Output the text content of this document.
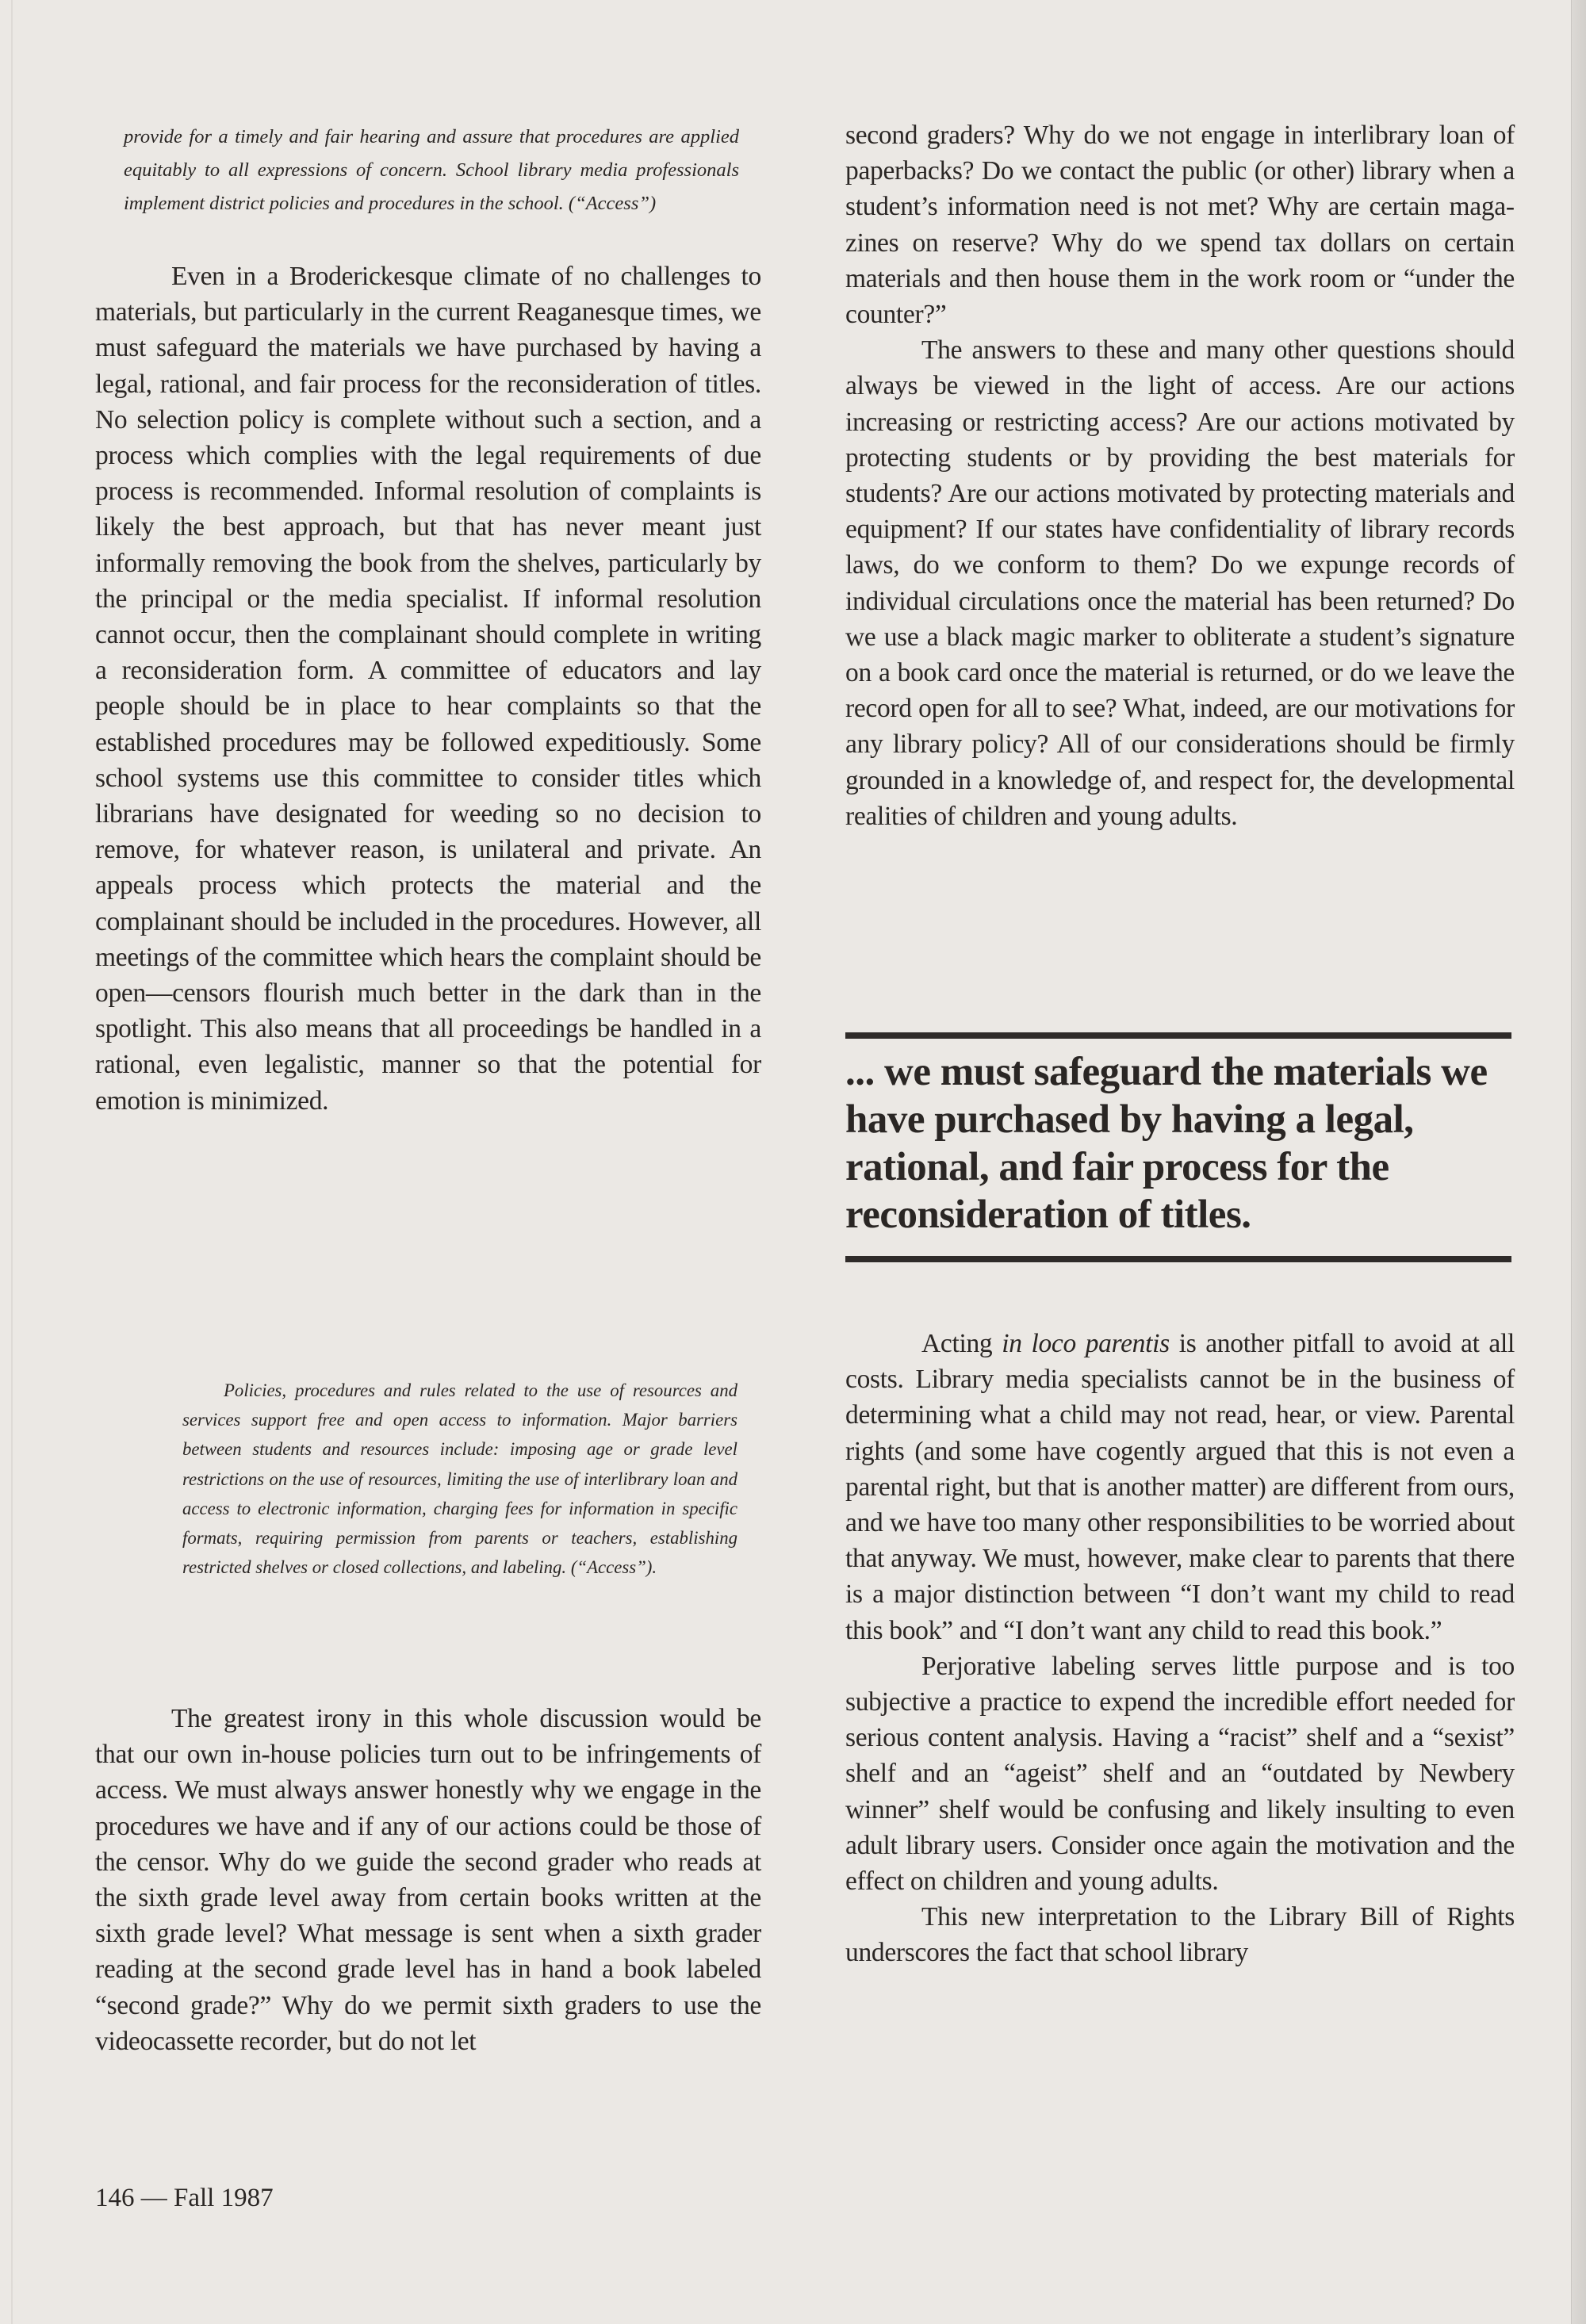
provide for a timely and fair hearing and assure that procedures are applied equitably to all expressions of concern. School library media professionals implement district policies and procedures in the school. (“Access”)

Even in a Broderickesque climate of no challenges to materials, but particularly in the current Reaganesque times, we must safeguard the materials we have purchased by having a legal, rational, and fair process for the reconsideration of titles. No selection policy is complete without such a section, and a process which complies with the legal requirements of due process is recommended. Informal resolution of complaints is likely the best approach, but that has never meant just informally removing the book from the shelves, particularly by the principal or the media specialist. If informal resolution cannot occur, then the complainant should complete in writing a reconsideration form. A committee of educators and lay people should be in place to hear complaints so that the established procedures may be followed expeditiously. Some school systems use this committee to consider titles which librarians have designated for weeding so no decision to remove, for whatever reason, is unilateral and private. An appeals process which protects the material and the complainant should be included in the procedures. However, all meetings of the committee which hears the complaint should be open—censors flourish much better in the dark than in the spotlight. This also means that all proceedings be handled in a rational, even legalistic, manner so that the potential for emotion is minimized.

Policies, procedures and rules related to the use of resources and services support free and open access to information. Major barriers between students and resources include: imposing age or grade level restrictions on the use of resources, limiting the use of interlibrary loan and access to electronic information, charging fees for information in specific formats, requiring permission from parents or teachers, establishing restricted shelves or closed collections, and labeling. (“Access”).

The greatest irony in this whole discussion would be that our own in-house policies turn out to be infringements of access. We must always answer honestly why we engage in the procedures we have and if any of our actions could be those of the censor. Why do we guide the second grader who reads at the sixth grade level away from certain books written at the sixth grade level? What message is sent when a sixth grader reading at the second grade level has in hand a book labeled “second grade?” Why do we permit sixth graders to use the videocassette recorder, but do not let

146 — Fall 1987

second graders? Why do we not engage in interlibrary loan of paperbacks? Do we contact the public (or other) library when a student’s information need is not met? Why are certain magazines on reserve? Why do we spend tax dollars on certain materials and then house them in the work room or “under the counter?”
The answers to these and many other questions should always be viewed in the light of access. Are our actions increasing or restricting access? Are our actions motivated by protecting students or by providing the best materials for students? Are our actions motivated by protecting materials and equipment? If our states have confidentiality of library records laws, do we conform to them? Do we expunge records of individual circulations once the material has been returned? Do we use a black magic marker to obliterate a student’s signature on a book card once the material is returned, or do we leave the record open for all to see? What, indeed, are our motivations for any library policy? All of our considerations should be firmly grounded in a knowledge of, and respect for, the developmental realities of children and young adults.

... we must safeguard the materials we have purchased by having a legal, rational, and fair process for the reconsideration of titles.

Acting in loco parentis is another pitfall to avoid at all costs. Library media specialists cannot be in the business of determining what a child may not read, hear, or view. Parental rights (and some have cogently argued that this is not even a parental right, but that is another matter) are different from ours, and we have too many other responsibilities to be worried about that anyway. We must, however, make clear to parents that there is a major distinction between “I don’t want my child to read this book” and “I don’t want any child to read this book.”

Perjorative labeling serves little purpose and is too subjective a practice to expend the incredible effort needed for serious content analysis. Having a “racist” shelf and a “sexist” shelf and an “ageist” shelf and an “outdated by Newbery winner” shelf would be confusing and likely insulting to even adult library users. Consider once again the motivation and the effect on children and young adults.

This new interpretation to the Library Bill of Rights underscores the fact that school library
